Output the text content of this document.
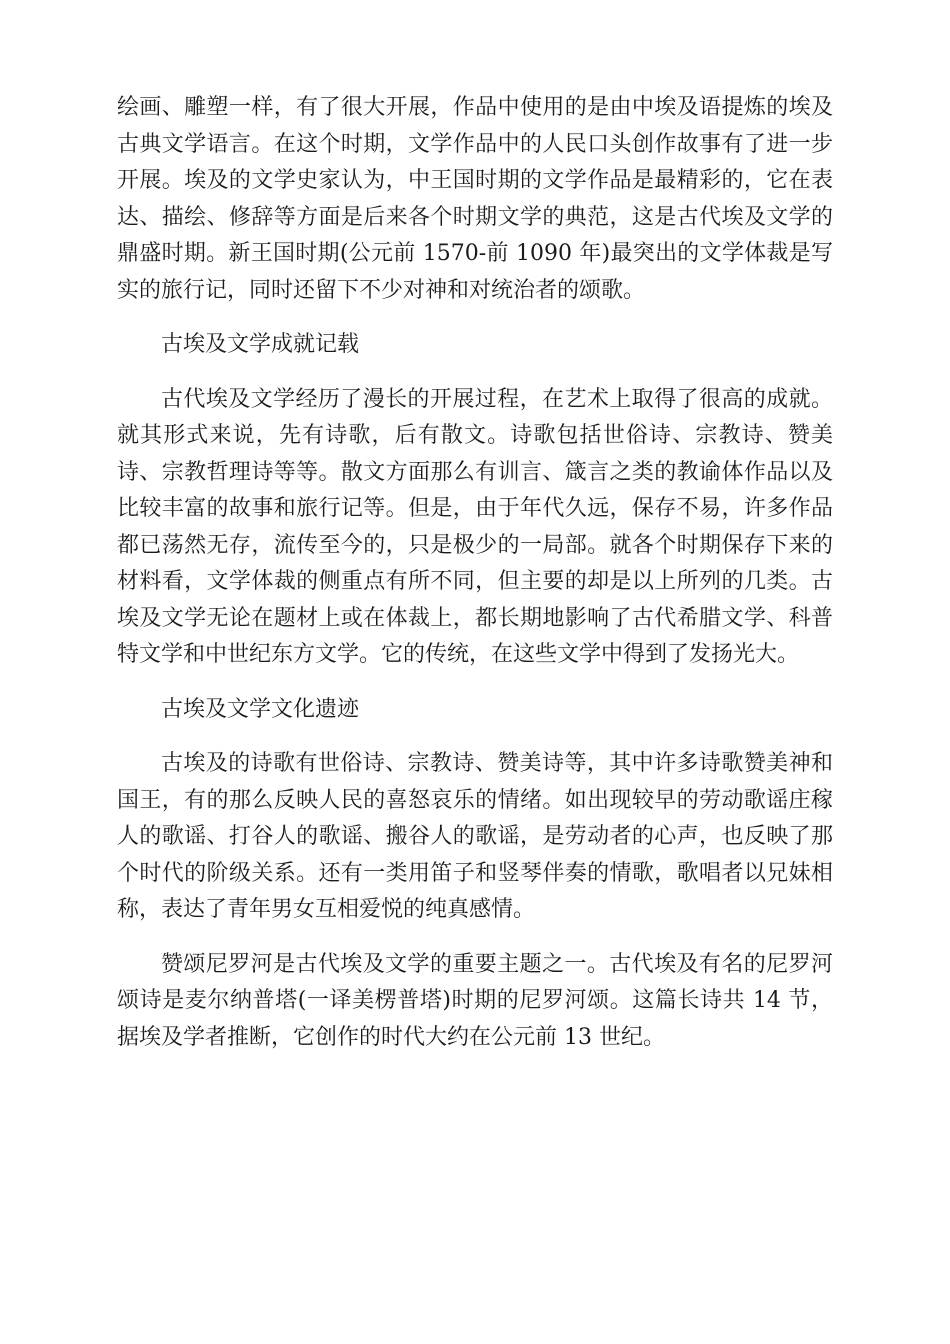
绘画、雕塑一样，有了很大开展，作品中使用的是由中埃及语提炼的埃及古典文学语言。在这个时期，文学作品中的人民口头创作故事有了进一步开展。埃及的文学史家认为，中王国时期的文学作品是最精彩的，它在表达、描绘、修辞等方面是后来各个时期文学的典范，这是古代埃及文学的鼎盛时期。新王国时期(公元前 1570-前 1090 年)最突出的文学体裁是写实的旅行记，同时还留下不少对神和对统治者的颂歌。

古埃及文学成就记载

古代埃及文学经历了漫长的开展过程，在艺术上取得了很高的成就。就其形式来说，先有诗歌，后有散文。诗歌包括世俗诗、宗教诗、赞美诗、宗教哲理诗等等。散文方面那么有训言、箴言之类的教谕体作品以及比较丰富的故事和旅行记等。但是，由于年代久远，保存不易，许多作品都已荡然无存，流传至今的，只是极少的一局部。就各个时期保存下来的材料看，文学体裁的侧重点有所不同，但主要的却是以上所列的几类。古埃及文学无论在题材上或在体裁上，都长期地影响了古代希腊文学、科普特文学和中世纪东方文学。它的传统，在这些文学中得到了发扬光大。

古埃及文学文化遗迹

古埃及的诗歌有世俗诗、宗教诗、赞美诗等，其中许多诗歌赞美神和国王，有的那么反映人民的喜怒哀乐的情绪。如出现较早的劳动歌谣庄稼人的歌谣、打谷人的歌谣、搬谷人的歌谣，是劳动者的心声，也反映了那个时代的阶级关系。还有一类用笛子和竖琴伴奏的情歌，歌唱者以兄妹相称，表达了青年男女互相爱悦的纯真感情。

赞颂尼罗河是古代埃及文学的重要主题之一。古代埃及有名的尼罗河颂诗是麦尔纳普塔(一译美楞普塔)时期的尼罗河颂。这篇长诗共 14 节，据埃及学者推断，它创作的时代大约在公元前 13 世纪。
